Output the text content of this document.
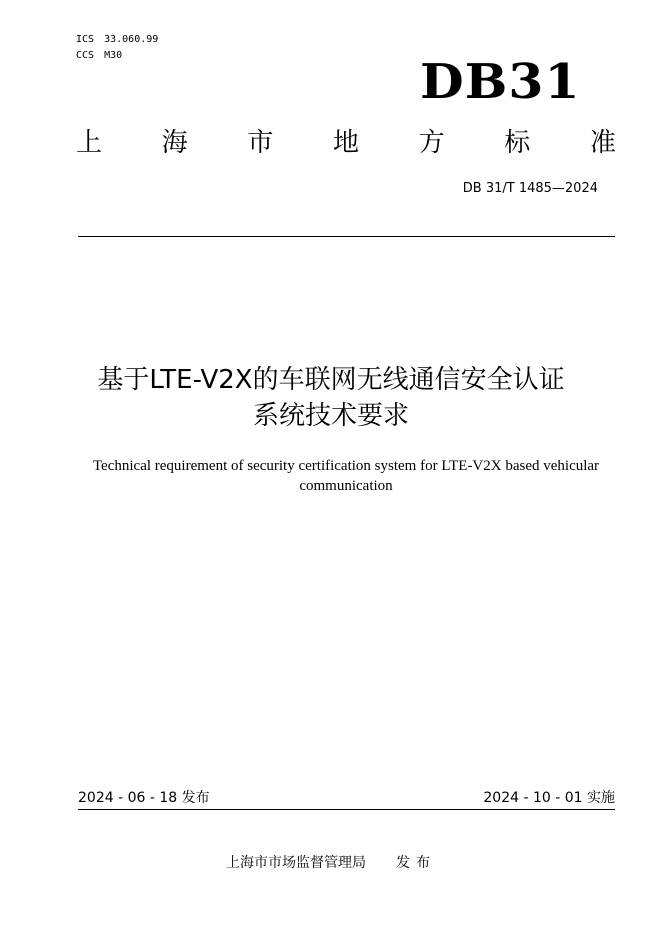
ICS 33.060.99
CCS M30	DB31
上 海 市 地 方 标 准
DB 31/T 1485—2024
基于LTE-V2X的车联网无线通信安全认证
系统技术要求
Technical requirement of security certification system for LTE-V2X based vehicular
communication
2024 - 06 - 18 发布	2024 - 10 - 01 实施
上海市市场监督管理局 发布
